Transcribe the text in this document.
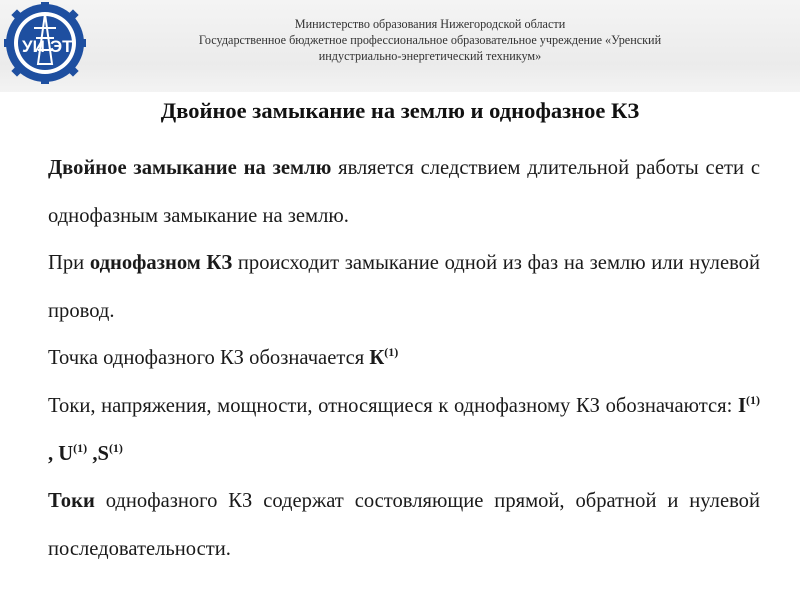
УИ ЭТ
Министерство образования Нижегородской области
Государственное бюджетное профессиональное образовательное учреждение «Уренский
индустриально-энергетический техникум»
Двойное замыкание на землю и однофазное КЗ

Двойное замыкание на землю является следствием длительной работы сети с однофазным замыкание на землю.

При однофазном КЗ происходит замыкание одной из фаз на землю или нулевой провод.

Точка однофазного КЗ обозначается $К^{(1)}$

Токи, напряжения, мощности, относящиеся к однофазному КЗ обозначаются: $I^{(1)}$ , $U^{(1)}$ $,S^{(1)}$

Токи однофазного КЗ содержат состовляющие прямой, обратной и нулевой последовательности.
